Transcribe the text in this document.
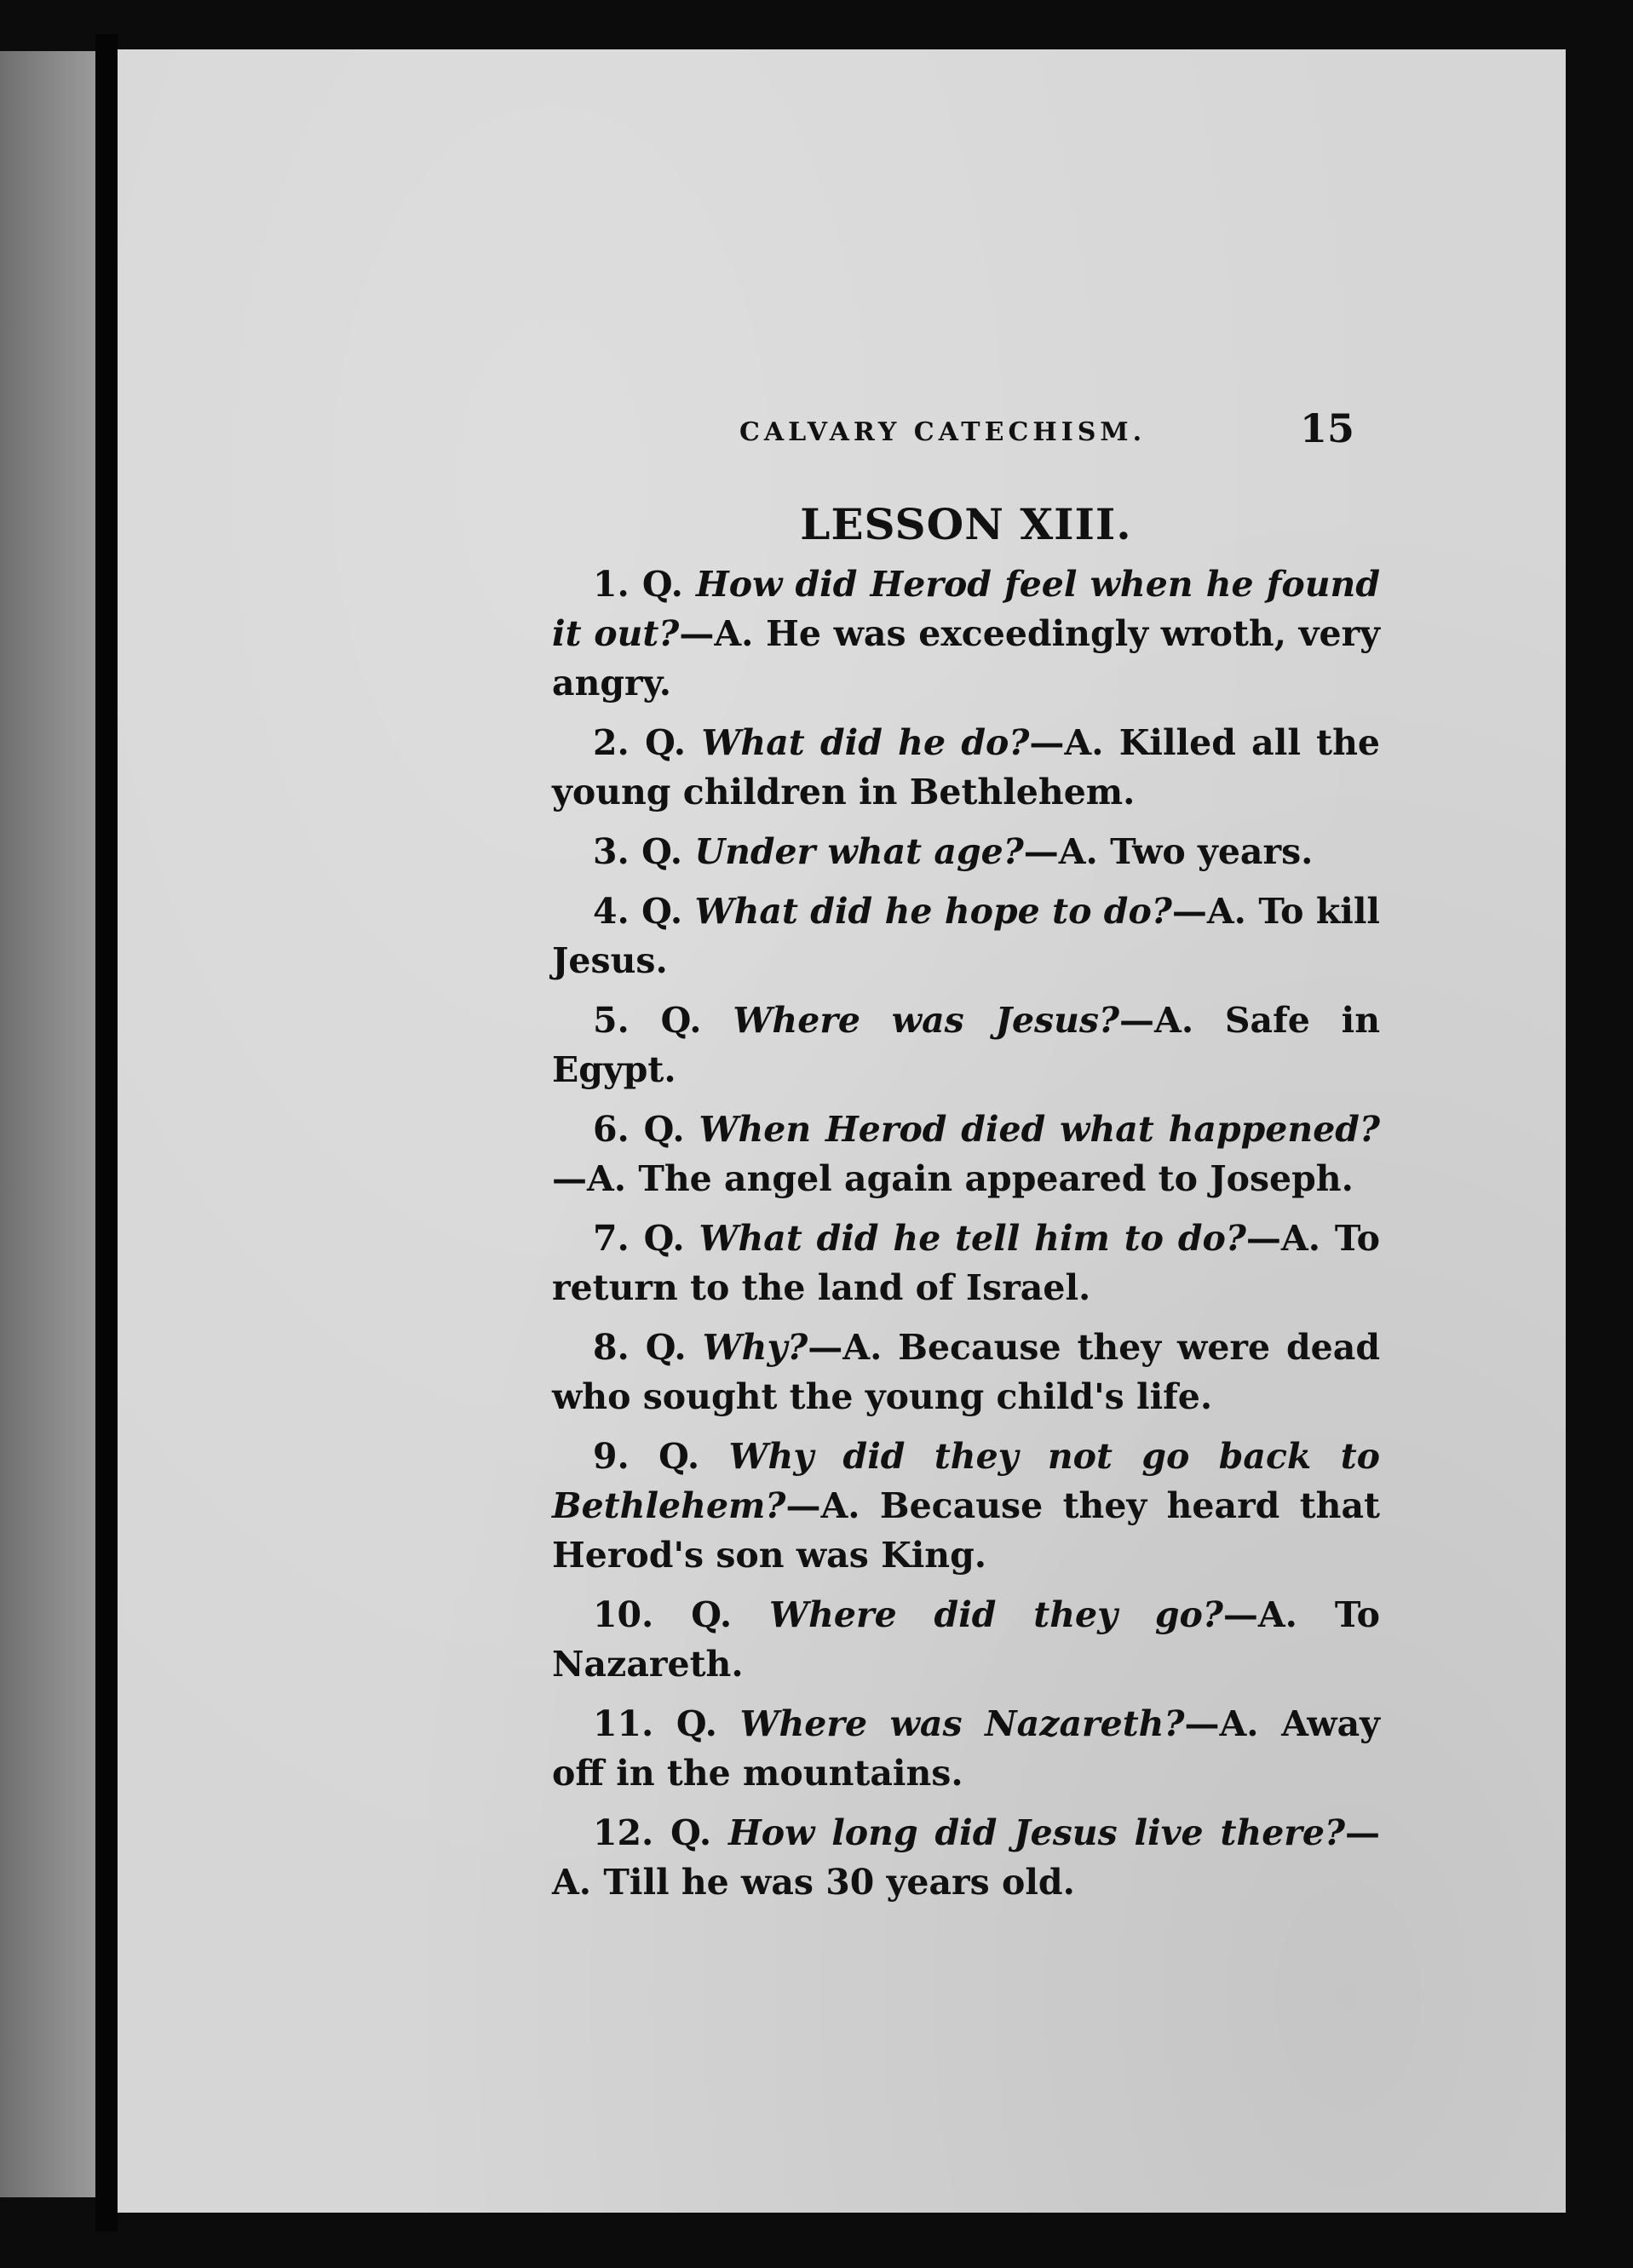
CALVARY CATECHISM.	15
LESSON XIII.

1. Q. How did Herod feel when he found it out?—A. He was exceedingly wroth, very angry.

2. Q. What did he do?—A. Killed all the young children in Bethlehem.

3. Q. Under what age?—A. Two years.

4. Q. What did he hope to do?—A. To kill Jesus.

5. Q. Where was Jesus?—A. Safe in Egypt.

6. Q. When Herod died what happened?—A. The angel again appeared to Joseph.

7. Q. What did he tell him to do?—A. To return to the land of Israel.

8. Q. Why?—A. Because they were dead who sought the young child's life.

9. Q. Why did they not go back to Bethlehem?—A. Because they heard that Herod's son was King.

10. Q. Where did they go?—A. To Nazareth.

11. Q. Where was Nazareth?—A. Away off in the mountains.

12. Q. How long did Jesus live there?—A. Till he was 30 years old.
